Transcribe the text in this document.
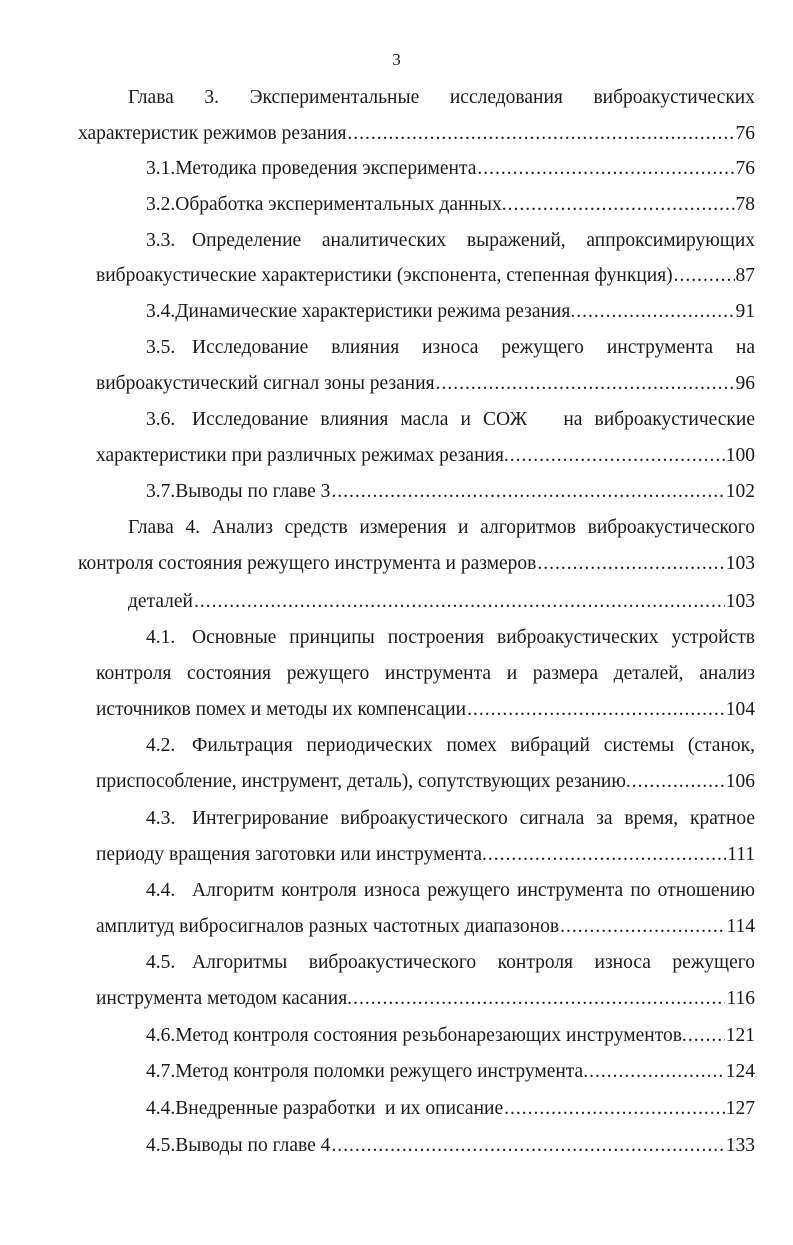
3
Глава 3. Экспериментальные исследования виброакустических
характеристик режимов резания .....	76
3.1. Методика проведения эксперимента .....	76
3.2. Обработка экспериментальных данных. .....	78
3.3. Определение   аналитических   выражений,   аппроксимирующих
виброакустические характеристики (экспонента, степенная функция) .....	87
3.4. Динамические характеристики режима резания. .....	91
3.5. Исследование    влияния    износа    режущего    инструмента    на
виброакустический сигнал зоны резания .....	96
3.6. Исследование влияния масла и СОЖ   на виброакустические
характеристики при различных режимах резания. .....	100
3.7. Выводы по главе 3 .....	102
Глава 4. Анализ средств измерения и алгоритмов виброакустического
контроля состояния режущего инструмента и размеров .....	103
деталей .....	103
4.1. Основные принципы построения виброакустических устройств
контроля состояния режущего инструмента и размера деталей, анализ
источников помех и методы их компенсации .....	104
4.2. Фильтрация периодических помех вибраций системы (станок,
приспособление, инструмент, деталь), сопутствующих резанию. .....	106
4.3. Интегрирование виброакустического сигнала за время, кратное
периоду вращения заготовки или инструмента. .....	111
4.4. Алгоритм контроля износа режущего инструмента по отношению
амплитуд вибросигналов разных частотных диапазонов .....	114
4.5. Алгоритмы   виброакустического   контроля   износа   режущего
инструмента методом касания. .....	116
4.6. Метод контроля состояния резьбонарезающих инструментов. ..... 121
4.7. Метод контроля поломки режущего инструмента. .....	124
4.4. Внедренные разработки  и их описание .....	127
4.5. Выводы по главе 4 .....	133
